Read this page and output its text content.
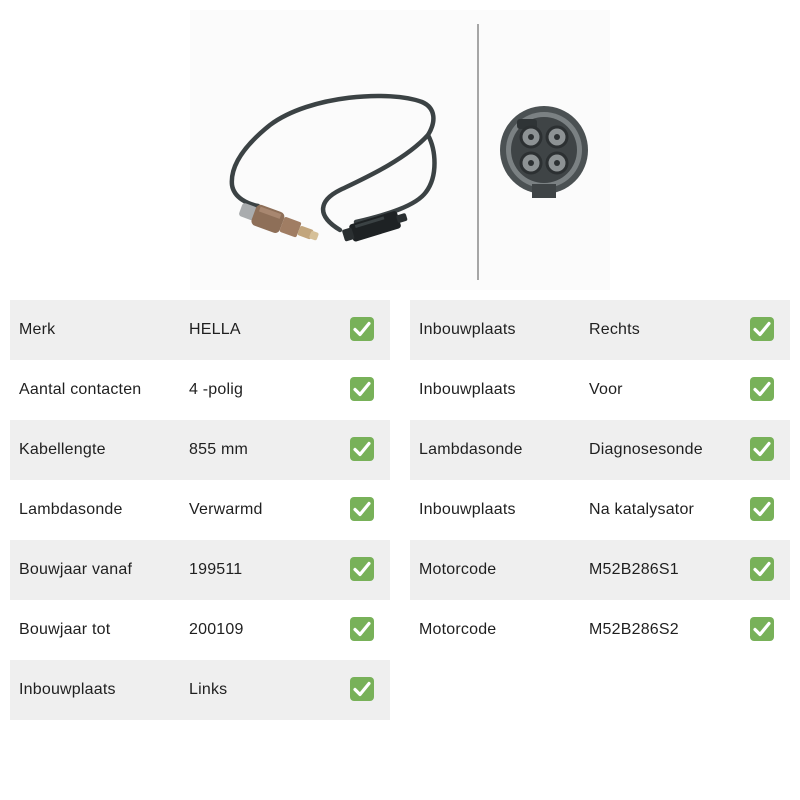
Merk	HELLA
Aantal contacten	4 -polig
Kabellengte	855 mm
Lambdasonde	Verwarmd
Bouwjaar vanaf	199511
Bouwjaar tot	200109
Inbouwplaats	Links
Inbouwplaats	Rechts
Inbouwplaats	Voor
Lambdasonde	Diagnosesonde
Inbouwplaats	Na katalysator
Motorcode	M52B286S1
Motorcode	M52B286S2
